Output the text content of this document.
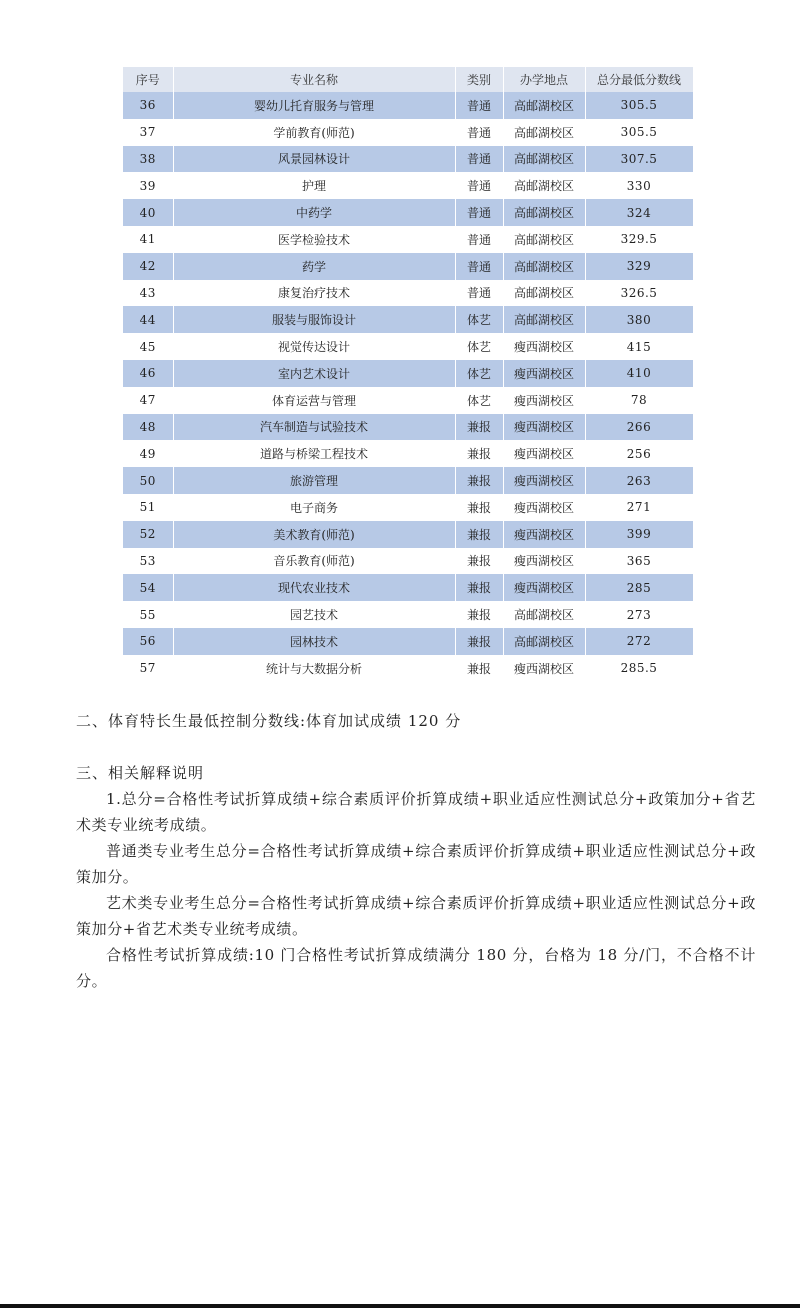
序号	专业名称	类别	办学地点	总分最低分数线
36	婴幼儿托育服务与管理	普通	高邮湖校区	305.5
37	学前教育(师范)	普通	高邮湖校区	305.5
38	风景园林设计	普通	高邮湖校区	307.5
39	护理	普通	高邮湖校区	330
40	中药学	普通	高邮湖校区	324
41	医学检验技术	普通	高邮湖校区	329.5
42	药学	普通	高邮湖校区	329
43	康复治疗技术	普通	高邮湖校区	326.5
44	服装与服饰设计	体艺	高邮湖校区	380
45	视觉传达设计	体艺	瘦西湖校区	415
46	室内艺术设计	体艺	瘦西湖校区	410
47	体育运营与管理	体艺	瘦西湖校区	78
48	汽车制造与试验技术	兼报	瘦西湖校区	266
49	道路与桥梁工程技术	兼报	瘦西湖校区	256
50	旅游管理	兼报	瘦西湖校区	263
51	电子商务	兼报	瘦西湖校区	271
52	美术教育(师范)	兼报	瘦西湖校区	399
53	音乐教育(师范)	兼报	瘦西湖校区	365
54	现代农业技术	兼报	瘦西湖校区	285
55	园艺技术	兼报	高邮湖校区	273
56	园林技术	兼报	高邮湖校区	272
57	统计与大数据分析	兼报	瘦西湖校区	285.5

二、体育特长生最低控制分数线:体育加试成绩 120 分

三、相关解释说明

1.总分=合格性考试折算成绩+综合素质评价折算成绩+职业适应性测试总分+政策加分+省艺术类专业统考成绩。

普通类专业考生总分=合格性考试折算成绩+综合素质评价折算成绩+职业适应性测试总分+政策加分。

艺术类专业考生总分=合格性考试折算成绩+综合素质评价折算成绩+职业适应性测试总分+政策加分+省艺术类专业统考成绩。

合格性考试折算成绩:10 门合格性考试折算成绩满分 180 分，台格为 18 分/门，不合格不计分。
